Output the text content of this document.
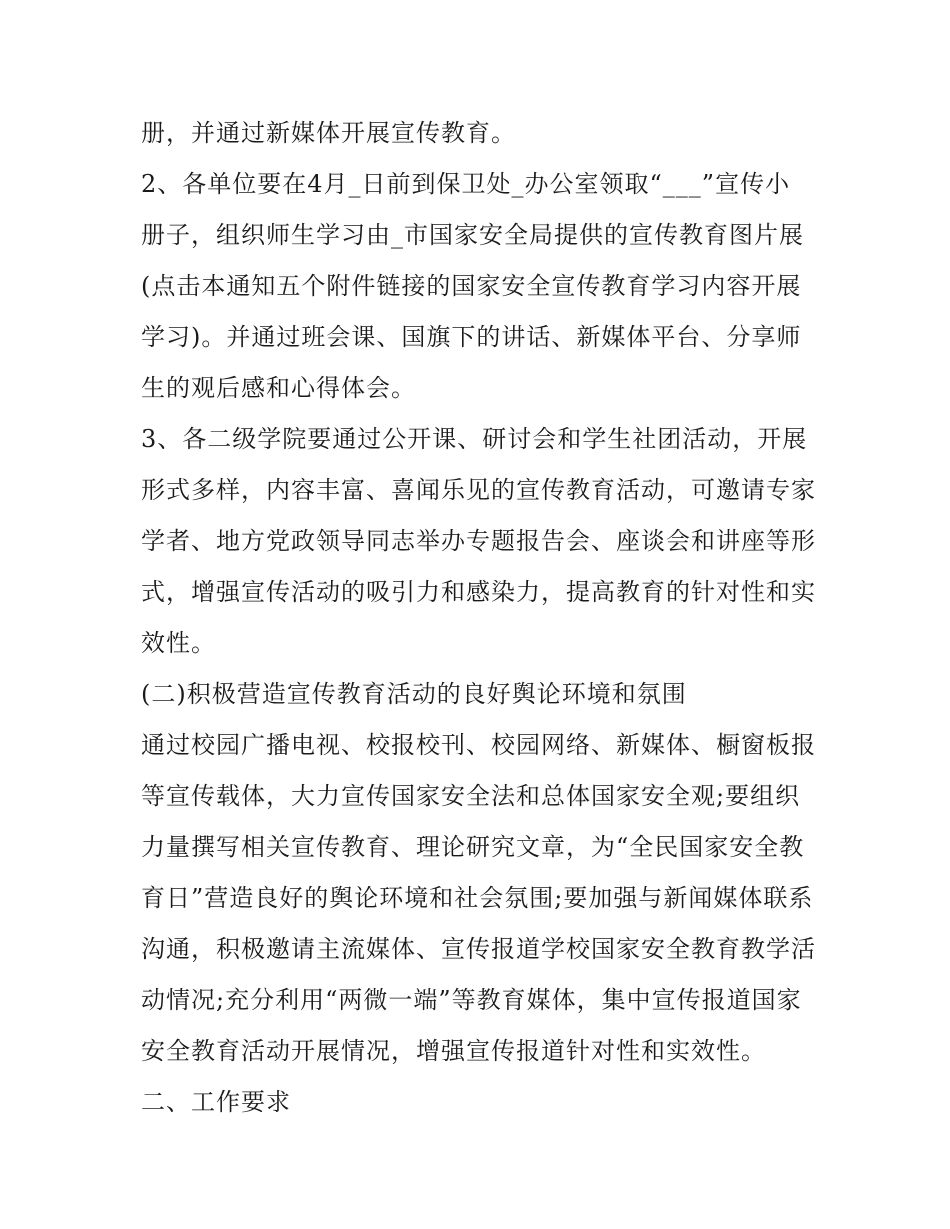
册，并通过新媒体开展宣传教育。
2、各单位要在4月_日前到保卫处_办公室领取“___”宣传小
册子，组织师生学习由_市国家安全局提供的宣传教育图片展
(点击本通知五个附件链接的国家安全宣传教育学习内容开展
学习)。并通过班会课、国旗下的讲话、新媒体平台、分享师
生的观后感和心得体会。
3、各二级学院要通过公开课、研讨会和学生社团活动，开展
形式多样，内容丰富、喜闻乐见的宣传教育活动，可邀请专家
学者、地方党政领导同志举办专题报告会、座谈会和讲座等形
式，增强宣传活动的吸引力和感染力，提高教育的针对性和实
效性。
(二)积极营造宣传教育活动的良好舆论环境和氛围
通过校园广播电视、校报校刊、校园网络、新媒体、橱窗板报
等宣传载体，大力宣传国家安全法和总体国家安全观;要组织
力量撰写相关宣传教育、理论研究文章，为“全民国家安全教
育日”营造良好的舆论环境和社会氛围;要加强与新闻媒体联系
沟通，积极邀请主流媒体、宣传报道学校国家安全教育教学活
动情况;充分利用“两微一端”等教育媒体，集中宣传报道国家
安全教育活动开展情况，增强宣传报道针对性和实效性。
二、工作要求
